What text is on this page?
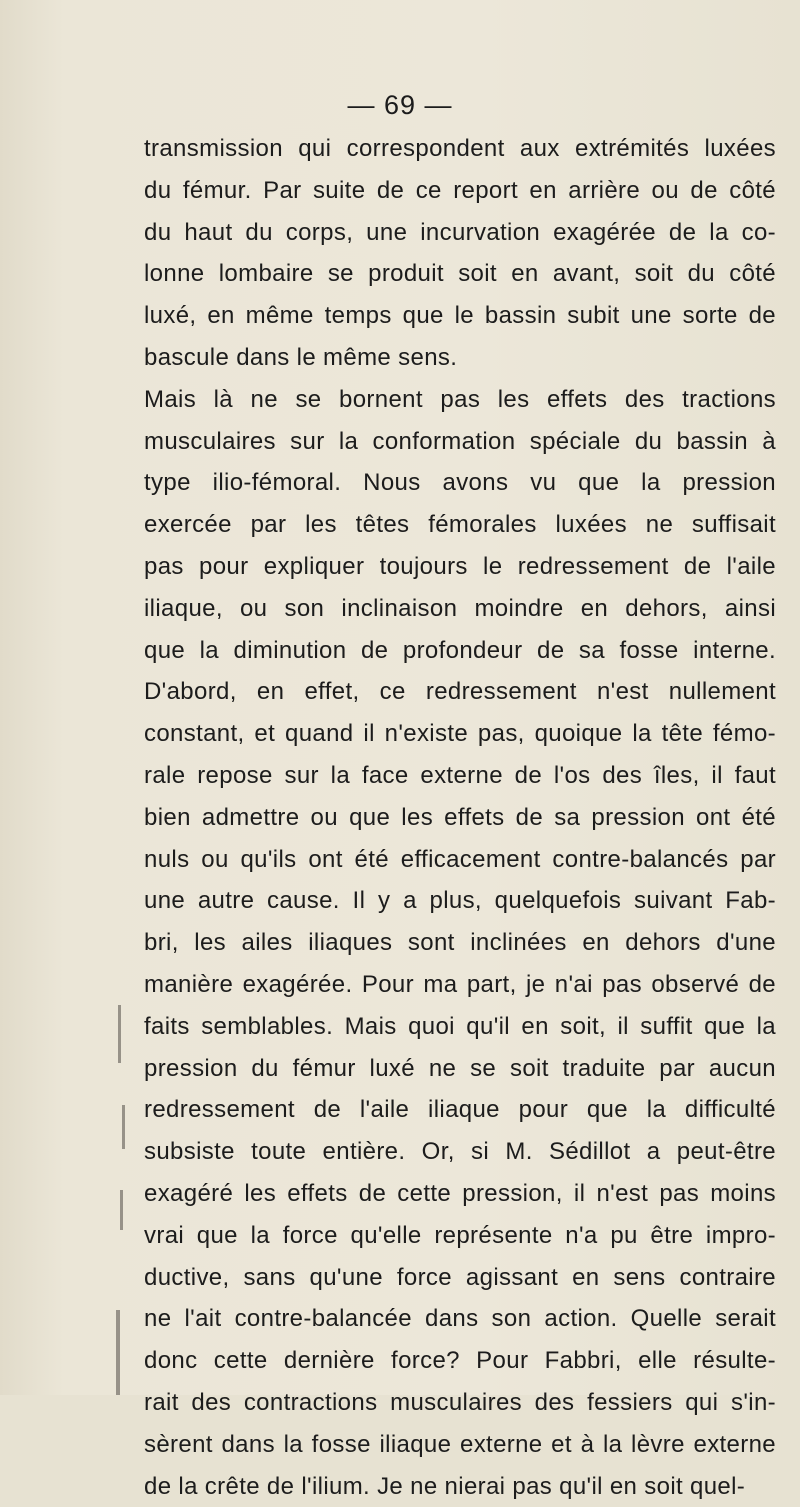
— 69 —
transmission qui correspondent aux extrémités luxées
du fémur. Par suite de ce report en arrière ou de côté
du haut du corps, une incurvation exagérée de la co-
lonne lombaire se produit soit en avant, soit du côté
luxé, en même temps que le bassin subit une sorte de
bascule dans le même sens.
Mais là ne se bornent pas les effets des tractions
musculaires sur la conformation spéciale du bassin à
type ilio-fémoral. Nous avons vu que la pression
exercée par les têtes fémorales luxées ne suffisait
pas pour expliquer toujours le redressement de l'aile
iliaque, ou son inclinaison moindre en dehors, ainsi
que la diminution de profondeur de sa fosse interne.
D'abord, en effet, ce redressement n'est nullement
constant, et quand il n'existe pas, quoique la tête fémo-
rale repose sur la face externe de l'os des îles, il faut
bien admettre ou que les effets de sa pression ont été
nuls ou qu'ils ont été efficacement contre-balancés par
une autre cause. Il y a plus, quelquefois suivant Fab-
bri, les ailes iliaques sont inclinées en dehors d'une
manière exagérée. Pour ma part, je n'ai pas observé de
faits semblables. Mais quoi qu'il en soit, il suffit que la
pression du fémur luxé ne se soit traduite par aucun
redressement de l'aile iliaque pour que la difficulté
subsiste toute entière. Or, si M. Sédillot a peut-être
exagéré les effets de cette pression, il n'est pas moins
vrai que la force qu'elle représente n'a pu être impro-
ductive, sans qu'une force agissant en sens contraire
ne l'ait contre-balancée dans son action. Quelle serait
donc cette dernière force? Pour Fabbri, elle résulte-
rait des contractions musculaires des fessiers qui s'in-
sèrent dans la fosse iliaque externe et à la lèvre externe
de la crête de l'ilium. Je ne nierai pas qu'il en soit quel-
